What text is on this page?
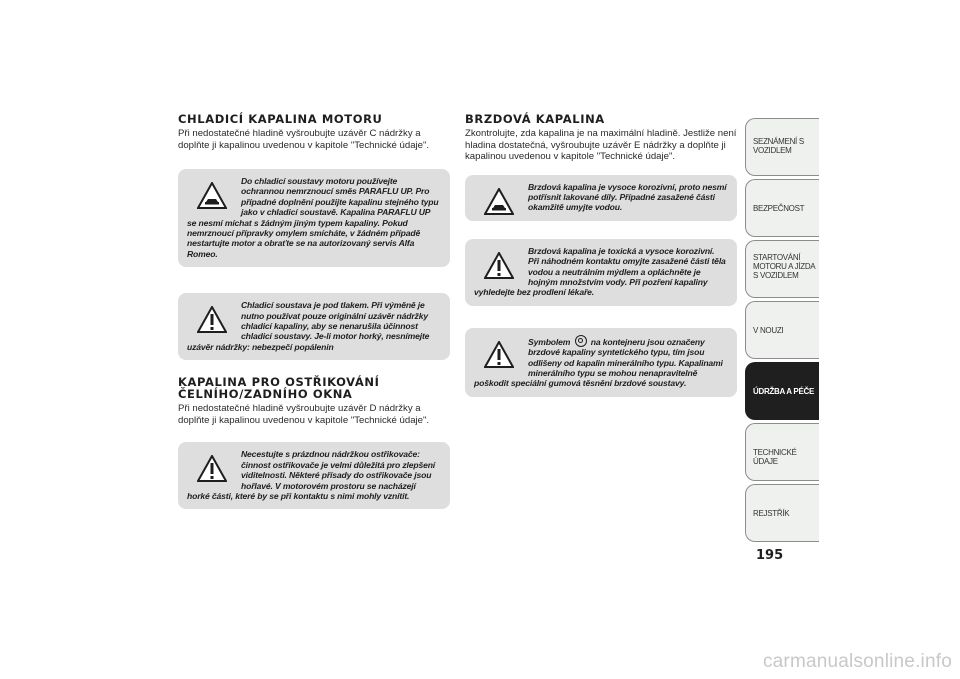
CHLADICÍ KAPALINA MOTORU

Při nedostatečné hladině vyšroubujte uzávěr C nádržky a doplňte ji kapalinou uvedenou v kapitole "Technické údaje".

Do chladicí soustavy motoru používejte ochrannou nemrznoucí směs PARAFLU UP. Pro případné doplnění použijte kapalinu stejného typu jako v chladicí soustavě. Kapalina PARAFLU UP se nesmí míchat s žádným jiným typem kapaliny. Pokud nemrznoucí přípravky omylem smícháte, v žádném případě nestartujte motor a obraťte se na autorizovaný servis Alfa Romeo.

Chladicí soustava je pod tlakem. Při výměně je nutno používat pouze originální uzávěr nádržky chladicí kapaliny, aby se nenarušila účinnost chladicí soustavy. Je-li motor horký, nesnímejte uzávěr nádržky: nebezpečí popálenin

KAPALINA PRO OSTŘIKOVÁNÍ
ČELNÍHO/ZADNÍHO OKNA

Při nedostatečné hladině vyšroubujte uzávěr D nádržky a doplňte ji kapalinou uvedenou v kapitole "Technické údaje".

Necestujte s prázdnou nádržkou ostřikovače: činnost ostřikovače je velmi důležitá pro zlepšení viditelnosti. Některé přísady do ostřikovače jsou hořlavé. V motorovém prostoru se nacházejí horké části, které by se při kontaktu s nimi mohly vznítit.

BRZDOVÁ KAPALINA

Zkontrolujte, zda kapalina je na maximální hladině. Jestliže není hladina dostatečná, vyšroubujte uzávěr E nádržky a doplňte ji kapalinou uvedenou v kapitole "Technické údaje".

Brzdová kapalina je vysoce korozivní, proto nesmí potřísnit lakované díly. Případné zasažené části okamžitě umyjte vodou.

Brzdová kapalina je toxická a vysoce korozivní. Při náhodném kontaktu omyjte zasažené části těla vodou a neutrálním mýdlem a opláchněte je hojným množstvím vody. Při pozření kapaliny vyhledejte bez prodlení lékaře.

Symbolem na kontejneru jsou označeny brzdové kapaliny syntetického typu, tím jsou odlišeny od kapalin minerálního typu. Kapalinami minerálního typu se mohou nenapravitelně poškodit speciální gumová těsnění brzdové soustavy.

SEZNÁMENÍ S VOZIDLEM
BEZPEČNOST
STARTOVÁNÍ MOTORU A JÍZDA S VOZIDLEM
V NOUZI
ÚDRŽBA A PÉČE
TECHNICKÉ ÚDAJE
REJSTŘÍK
195
carmanualsonline.info
